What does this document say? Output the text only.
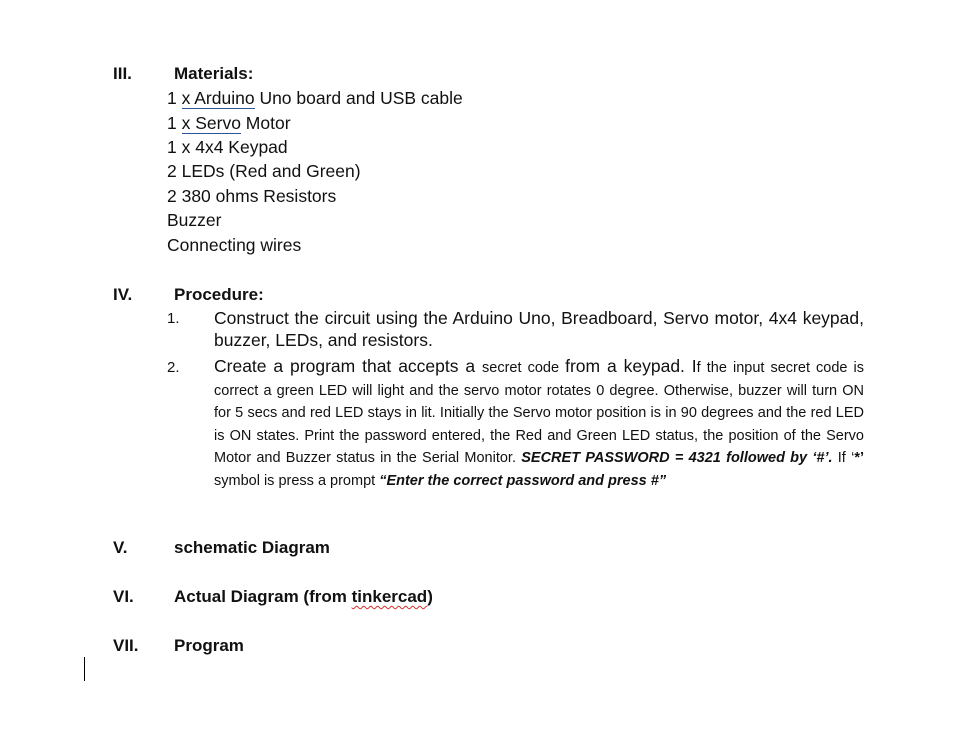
III. Materials:
1 x Arduino Uno board and USB cable
1 x Servo Motor
1 x 4x4 Keypad
2 LEDs (Red and Green)
2 380 ohms Resistors
Buzzer
Connecting wires
IV. Procedure:
1. Construct the circuit using the Arduino Uno, Breadboard, Servo motor, 4x4 keypad, buzzer, LEDs, and resistors.
2. Create a program that accepts a secret code from a keypad. If the input secret code is correct a green LED will light and the servo motor rotates 0 degree. Otherwise, buzzer will turn ON for 5 secs and red LED stays in lit. Initially the Servo motor position is in 90 degrees and the red LED is ON states. Print the password entered, the Red and Green LED status, the position of the Servo Motor and Buzzer status in the Serial Monitor. SECRET PASSWORD = 4321 followed by ‘#’. If ‘*’ symbol is press a prompt “Enter the correct password and press #”
V.	schematic Diagram
VI. Actual Diagram (from tinkercad)
VII. Program
